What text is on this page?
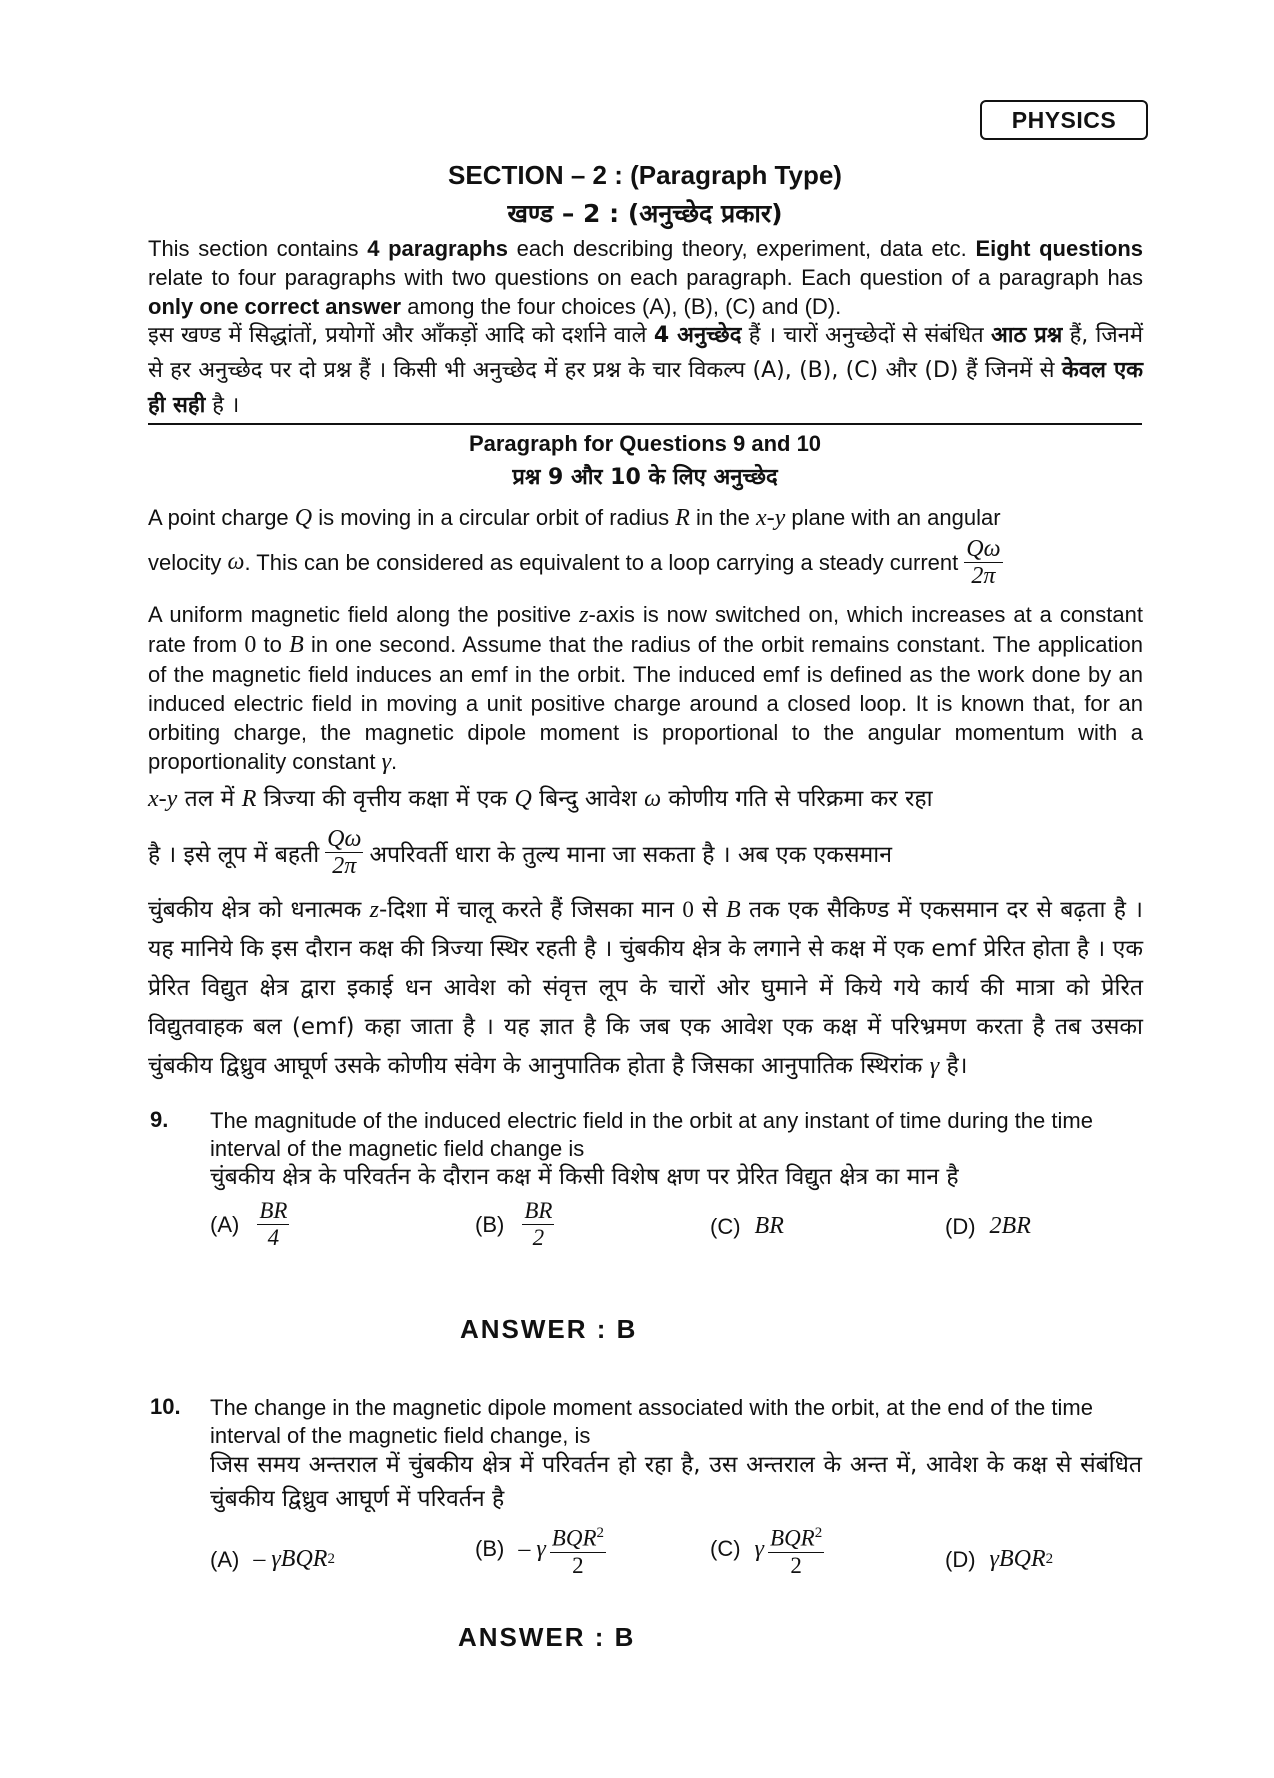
PHYSICS
SECTION – 2 : (Paragraph Type)
खण्ड – 2 : (अनुच्छेद प्रकार)
This section contains 4 paragraphs each describing theory, experiment, data etc. Eight questions relate to four paragraphs with two questions on each paragraph. Each question of a paragraph has only one correct answer among the four choices (A), (B), (C) and (D).
इस खण्ड में सिद्धांतों, प्रयोगों और आँकड़ों आदि को दर्शाने वाले 4 अनुच्छेद हैं । चारों अनुच्छेदों से संबंधित आठ प्रश्न हैं, जिनमें से हर अनुच्छेद पर दो प्रश्न हैं । किसी भी अनुच्छेद में हर प्रश्न के चार विकल्प (A), (B), (C) और (D) हैं जिनमें से केवल एक ही सही है ।
Paragraph for Questions 9 and 10
प्रश्न 9 और 10 के लिए अनुच्छेद
A point charge Q is moving in a circular orbit of radius R in the x-y plane with an angular
velocity
ω . This can be considered as equivalent to a loop carrying a steady current $\frac{Q\omega}{2\pi}$
A uniform magnetic field along the positive z-axis is now switched on, which increases at a constant rate from 0 to B in one second. Assume that the radius of the orbit remains constant. The application of the magnetic field induces an emf in the orbit. The induced emf is defined as the work done by an induced electric field in moving a unit positive charge around a closed loop. It is known that, for an orbiting charge, the magnetic dipole moment is proportional to the angular momentum with a proportionality constant γ.
x-y तल में R त्रिज्या की वृत्तीय कक्षा में एक Q बिन्दु आवेश ω कोणीय गति से परिक्रमा कर रहा
है । इसे लूप में बहती $\frac{Q\omega}{2\pi}$ अपरिवर्ती धारा के तुल्य माना जा सकता है । अब एक एकसमान
चुंबकीय क्षेत्र को धनात्मक z-दिशा में चालू करते हैं जिसका मान 0 से B तक एक सैकिण्ड में एकसमान दर से बढ़ता है । यह मानिये कि इस दौरान कक्ष की त्रिज्या स्थिर रहती है । चुंबकीय क्षेत्र के लगाने से कक्ष में एक emf प्रेरित होता है । एक प्रेरित विद्युत क्षेत्र द्वारा इकाई धन आवेश को संवृत्त लूप के चारों ओर घुमाने में किये गये कार्य की मात्रा को प्रेरित विद्युतवाहक बल (emf) कहा जाता है । यह ज्ञात है कि जब एक आवेश एक कक्ष में परिभ्रमण करता है तब उसका चुंबकीय द्विध्रुव आघूर्ण उसके कोणीय संवेग के आनुपातिक होता है जिसका आनुपातिक स्थिरांक γ है।
9. The magnitude of the induced electric field in the orbit at any instant of time during the time interval of the magnetic field change is
चुंबकीय क्षेत्र के परिवर्तन के दौरान कक्ष में किसी विशेष क्षण पर प्रेरित विद्युत क्षेत्र का मान है
$(A) \frac{BR}{4}$	$(B) \frac{BR}{2}$	(C) BR	(D) 2BR
ANSWER : B
10. The change in the magnetic dipole moment associated with the orbit, at the end of the time interval of the magnetic field change, is
जिस समय अन्तराल में चुंबकीय क्षेत्र में परिवर्तन हो रहा है, उस अन्तराल के अन्त में, आवेश के कक्ष से संबंधित चुंबकीय द्विध्रुव आघूर्ण में परिवर्तन है
(A) – γBQR 2	(B) – γ $\frac{BQR^2}{2}$	(C) γ $\frac{BQR^2}{2}$	(D) γBQR 2
ANSWER : B
